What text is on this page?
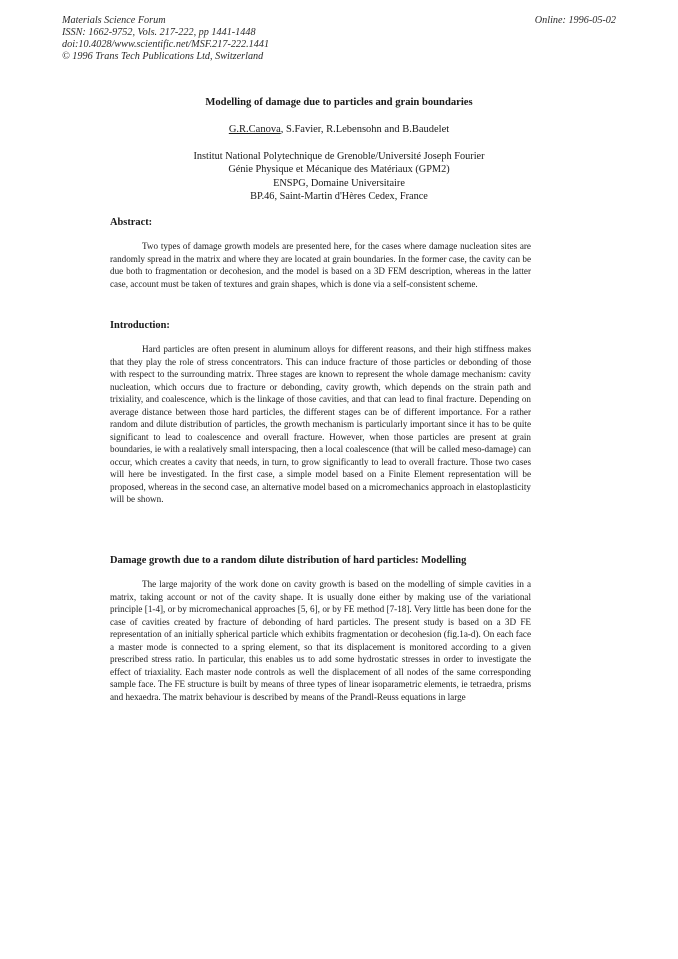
Materials Science Forum
ISSN: 1662-9752, Vols. 217-222, pp 1441-1448
doi:10.4028/www.scientific.net/MSF.217-222.1441
© 1996 Trans Tech Publications Ltd, Switzerland
Online: 1996-05-02
Modelling of damage due to particles and grain boundaries
G.R.Canova, S.Favier, R.Lebensohn and B.Baudelet
Institut National Polytechnique de Grenoble/Université Joseph Fourier
Génie Physique et Mécanique des Matériaux (GPM2)
ENSPG, Domaine Universitaire
BP.46, Saint-Martin d'Hères Cedex, France
Abstract:

Two types of damage growth models are presented here, for the cases where damage nucleation sites are randomly spread in the matrix and where they are located at grain boundaries. In the former case, the cavity can be due both to fragmentation or decohesion, and the model is based on a 3D FEM description, whereas in the latter case, account must be taken of textures and grain shapes, which is done via a self-consistent scheme.

Introduction:

Hard particles are often present in aluminum alloys for different reasons, and their high stiffness makes that they play the role of stress concentrators. This can induce fracture of those particles or debonding of those with respect to the surrounding matrix. Three stages are known to represent the whole damage mechanism: cavity nucleation, which occurs due to fracture or debonding, cavity growth, which depends on the strain path and trixiality, and coalescence, which is the linkage of those cavities, and that can lead to final fracture. Depending on average distance between those hard particles, the different stages can be of different importance. For a rather random and dilute distribution of particles, the growth mechanism is particularly important since it has to be quite significant to lead to coalescence and overall fracture. However, when those particles are present at grain boundaries, ie with a realatively small interspacing, then a local coalescence (that will be called meso-damage) can occur, which creates a cavity that needs, in turn, to grow significantly to lead to overall fracture. Those two cases will here be investigated. In the first case, a simple model based on a Finite Element representation will be proposed, whereas in the second case, an alternative model based on a micromechanics approach in elastoplasticity will be shown.

Damage growth due to a random dilute distribution of hard particles: Modelling

The large majority of the work done on cavity growth is based on the modelling of simple cavities in a matrix, taking account or not of the cavity shape. It is usually done either by making use of the variational principle [1-4], or by micromechanical approaches [5, 6], or by FE method [7-18]. Very little has been done for the case of cavities created by fracture of debonding of hard particles. The present study is based on a 3D FE representation of an initially spherical particle which exhibits fragmentation or decohesion (fig.1a-d). On each face a master mode is connected to a spring element, so that its displacement is monitored according to a given prescribed stress ratio. In particular, this enables us to add some hydrostatic stresses in order to investigate the effect of triaxiality. Each master node controls as well the displacement of all nodes of the same corresponding sample face. The FE structure is built by means of three types of linear isoparametric elements, ie tetraedra, prisms and hexaedra. The matrix behaviour is described by means of the Prandl-Reuss equations in large
